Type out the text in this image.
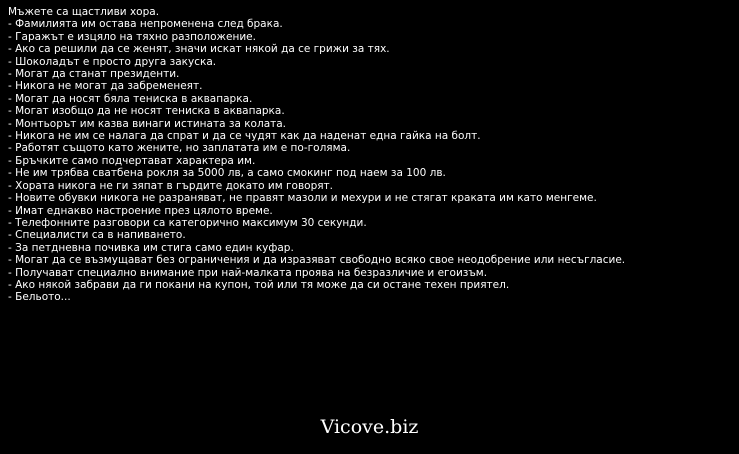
Мъжете са щастливи хора.
- Фамилията им остава непроменена след брака.
- Гаражът е изцяло на тяхно разположение.
- Ако са решили да се женят, значи искат някой да се грижи за тях.
- Шоколадът е просто друга закуска.
- Могат да станат президенти.
- Никога не могат да забременеят.
- Могат да носят бяла тениска в аквапарка.
- Могат изобщо да не носят тениска в аквапарка.
- Монтьорът им казва винаги истината за колата.
- Никога не им се налага да спрат и да се чудят как да наденат една гайка на болт.
- Работят същото като жените, но заплатата им е по-голяма.
- Бръчките само подчертават характера им.
- Не им трябва сватбена рокля за 5000 лв, а само смокинг под наем за 100 лв.
- Хората никога не ги зяпат в гърдите докато им говорят.
- Новите обувки никога не разраняват, не правят мазоли и мехури и не стягат краката им като менгеме.
- Имат еднакво настроение през цялото време.
- Телефонните разговори са категорично максимум 30 секунди.
- Специалисти са в напиването.
- За петдневна почивка им стига само един куфар.
- Могат да се възмущават без ограничения и да изразяват свободно всяко свое неодобрение или несъгласие.
- Получават специално внимание при най-малката проява на безразличие и егоизъм.
- Ако някой забрави да ги покани на купон, той или тя може да си остане техен приятел.
- Бельото...
Vicove.biz
